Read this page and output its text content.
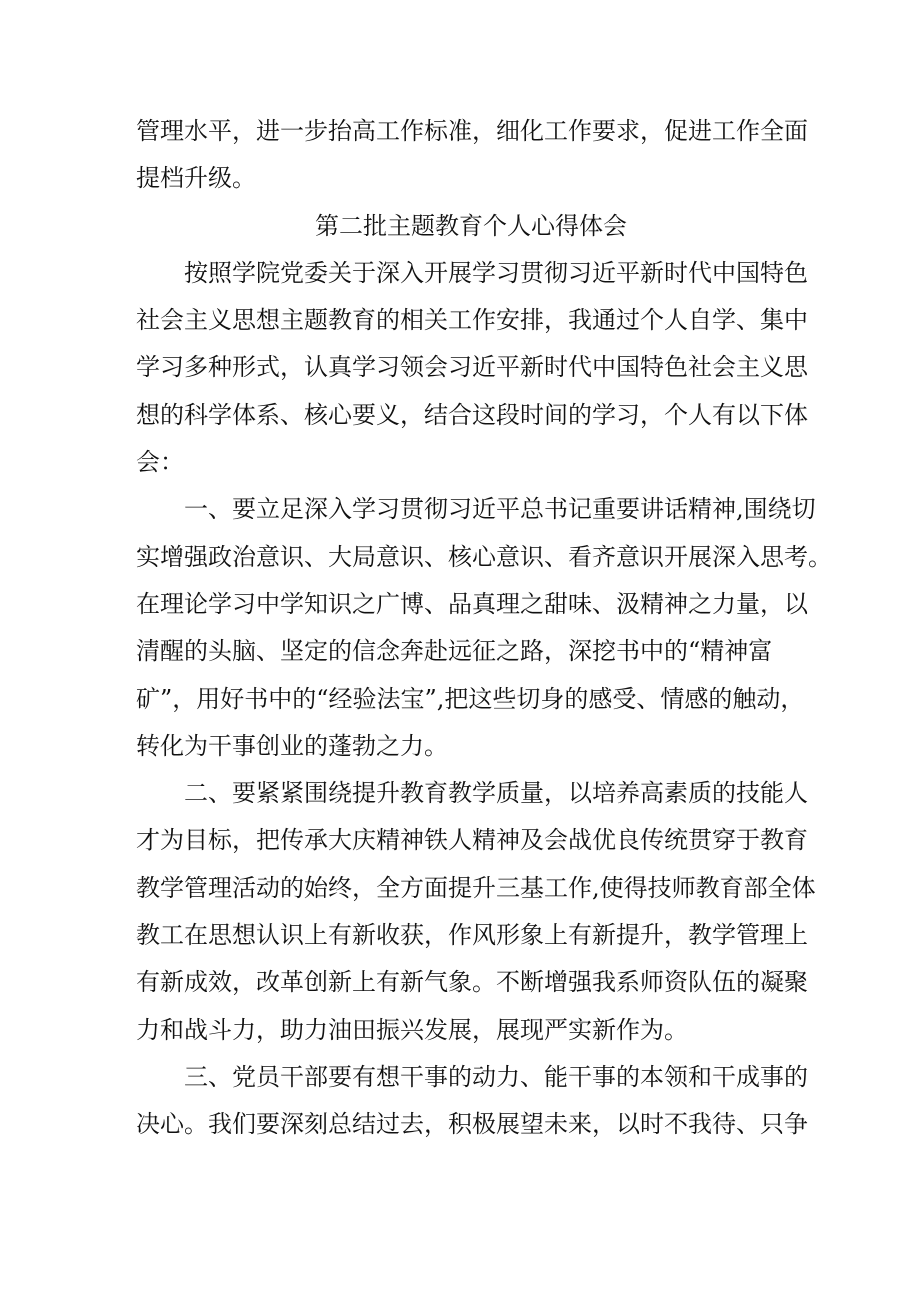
管理水平，进一步抬高工作标准，细化工作要求，促进工作全面
提档升级。
第二批主题教育个人心得体会
按照学院党委关于深入开展学习贯彻习近平新时代中国特色
社会主义思想主题教育的相关工作安排，我通过个人自学、集中
学习多种形式，认真学习领会习近平新时代中国特色社会主义思
想的科学体系、核心要义，结合这段时间的学习，个人有以下体
会：
一、要立足深入学习贯彻习近平总书记重要讲话精神,围绕切
实增强政治意识、大局意识、核心意识、看齐意识开展深入思考。
在理论学习中学知识之广博、品真理之甜味、汲精神之力量，以
清醒的头脑、坚定的信念奔赴远征之路，深挖书中的“精神富
矿”，用好书中的“经验法宝”,把这些切身的感受、情感的触动，
转化为干事创业的蓬勃之力。
二、要紧紧围绕提升教育教学质量，以培养高素质的技能人
才为目标，把传承大庆精神铁人精神及会战优良传统贯穿于教育
教学管理活动的始终，全方面提升三基工作,使得技师教育部全体
教工在思想认识上有新收获，作风形象上有新提升，教学管理上
有新成效，改革创新上有新气象。不断增强我系师资队伍的凝聚
力和战斗力，助力油田振兴发展，展现严实新作为。
三、党员干部要有想干事的动力、能干事的本领和干成事的
决心。我们要深刻总结过去，积极展望未来，以时不我待、只争
